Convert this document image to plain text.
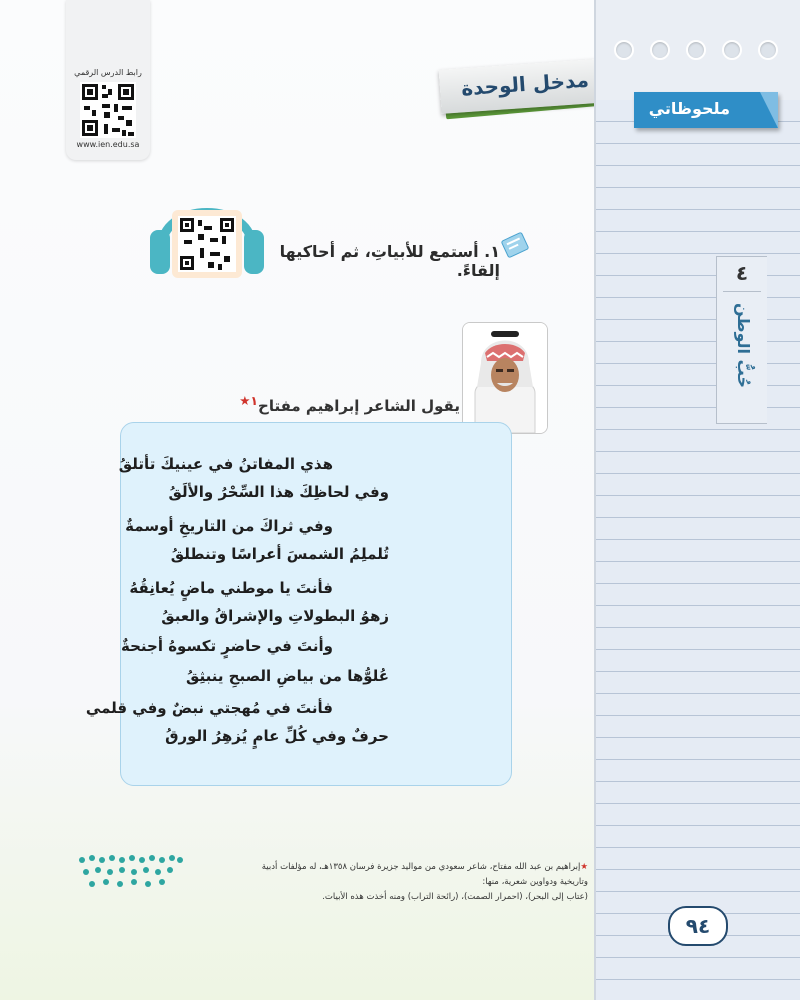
رابط الدرس الرقمي
www.ien.edu.sa
مدخل الوحدة
١. أستمع للأبياتِ، ثم أحاكيها إلقاءً.
يقول الشاعر إبراهيم مفتاح$^{١★}$
هذي المفاتنُ في عينيكَ تأتلقُ
وفي لحاظِكَ هذا السِّحْرُ والألَقُ
وفي ثراكَ من التاريخِ أوسمةٌ
تُلملِمُ الشمسَ أعراسًا وتنطلقُ
فأنتَ يا موطني ماضٍ يُعانِقُهُ
زهوُ البطولاتِ والإشراقُ والعبقُ
وأنتَ في حاضرٍ تكسوهُ أجنحةٌ
عُلوُّها من بياضِ الصبحِ ينبثِقُ
فأنتَ في مُهجتي نبضٌ وفي قلمي
حرفٌ وفي كُلِّ عامٍ يُزهِرُ الورقُ
★إبراهيم بن عبد الله مفتاح، شاعر سعودي من مواليد جزيرة فرسان ١٣٥٨هـ، له مؤلفات أدبية وتاريخية ودواوين شعرية، منها:
(عتاب إلى البحر)، (احمرار الصمت)، (رائحة التراب) ومنه أخذت هذه الأبيات.
ملحوظاتي
٤
حُبُّ الوطن
٩٤
